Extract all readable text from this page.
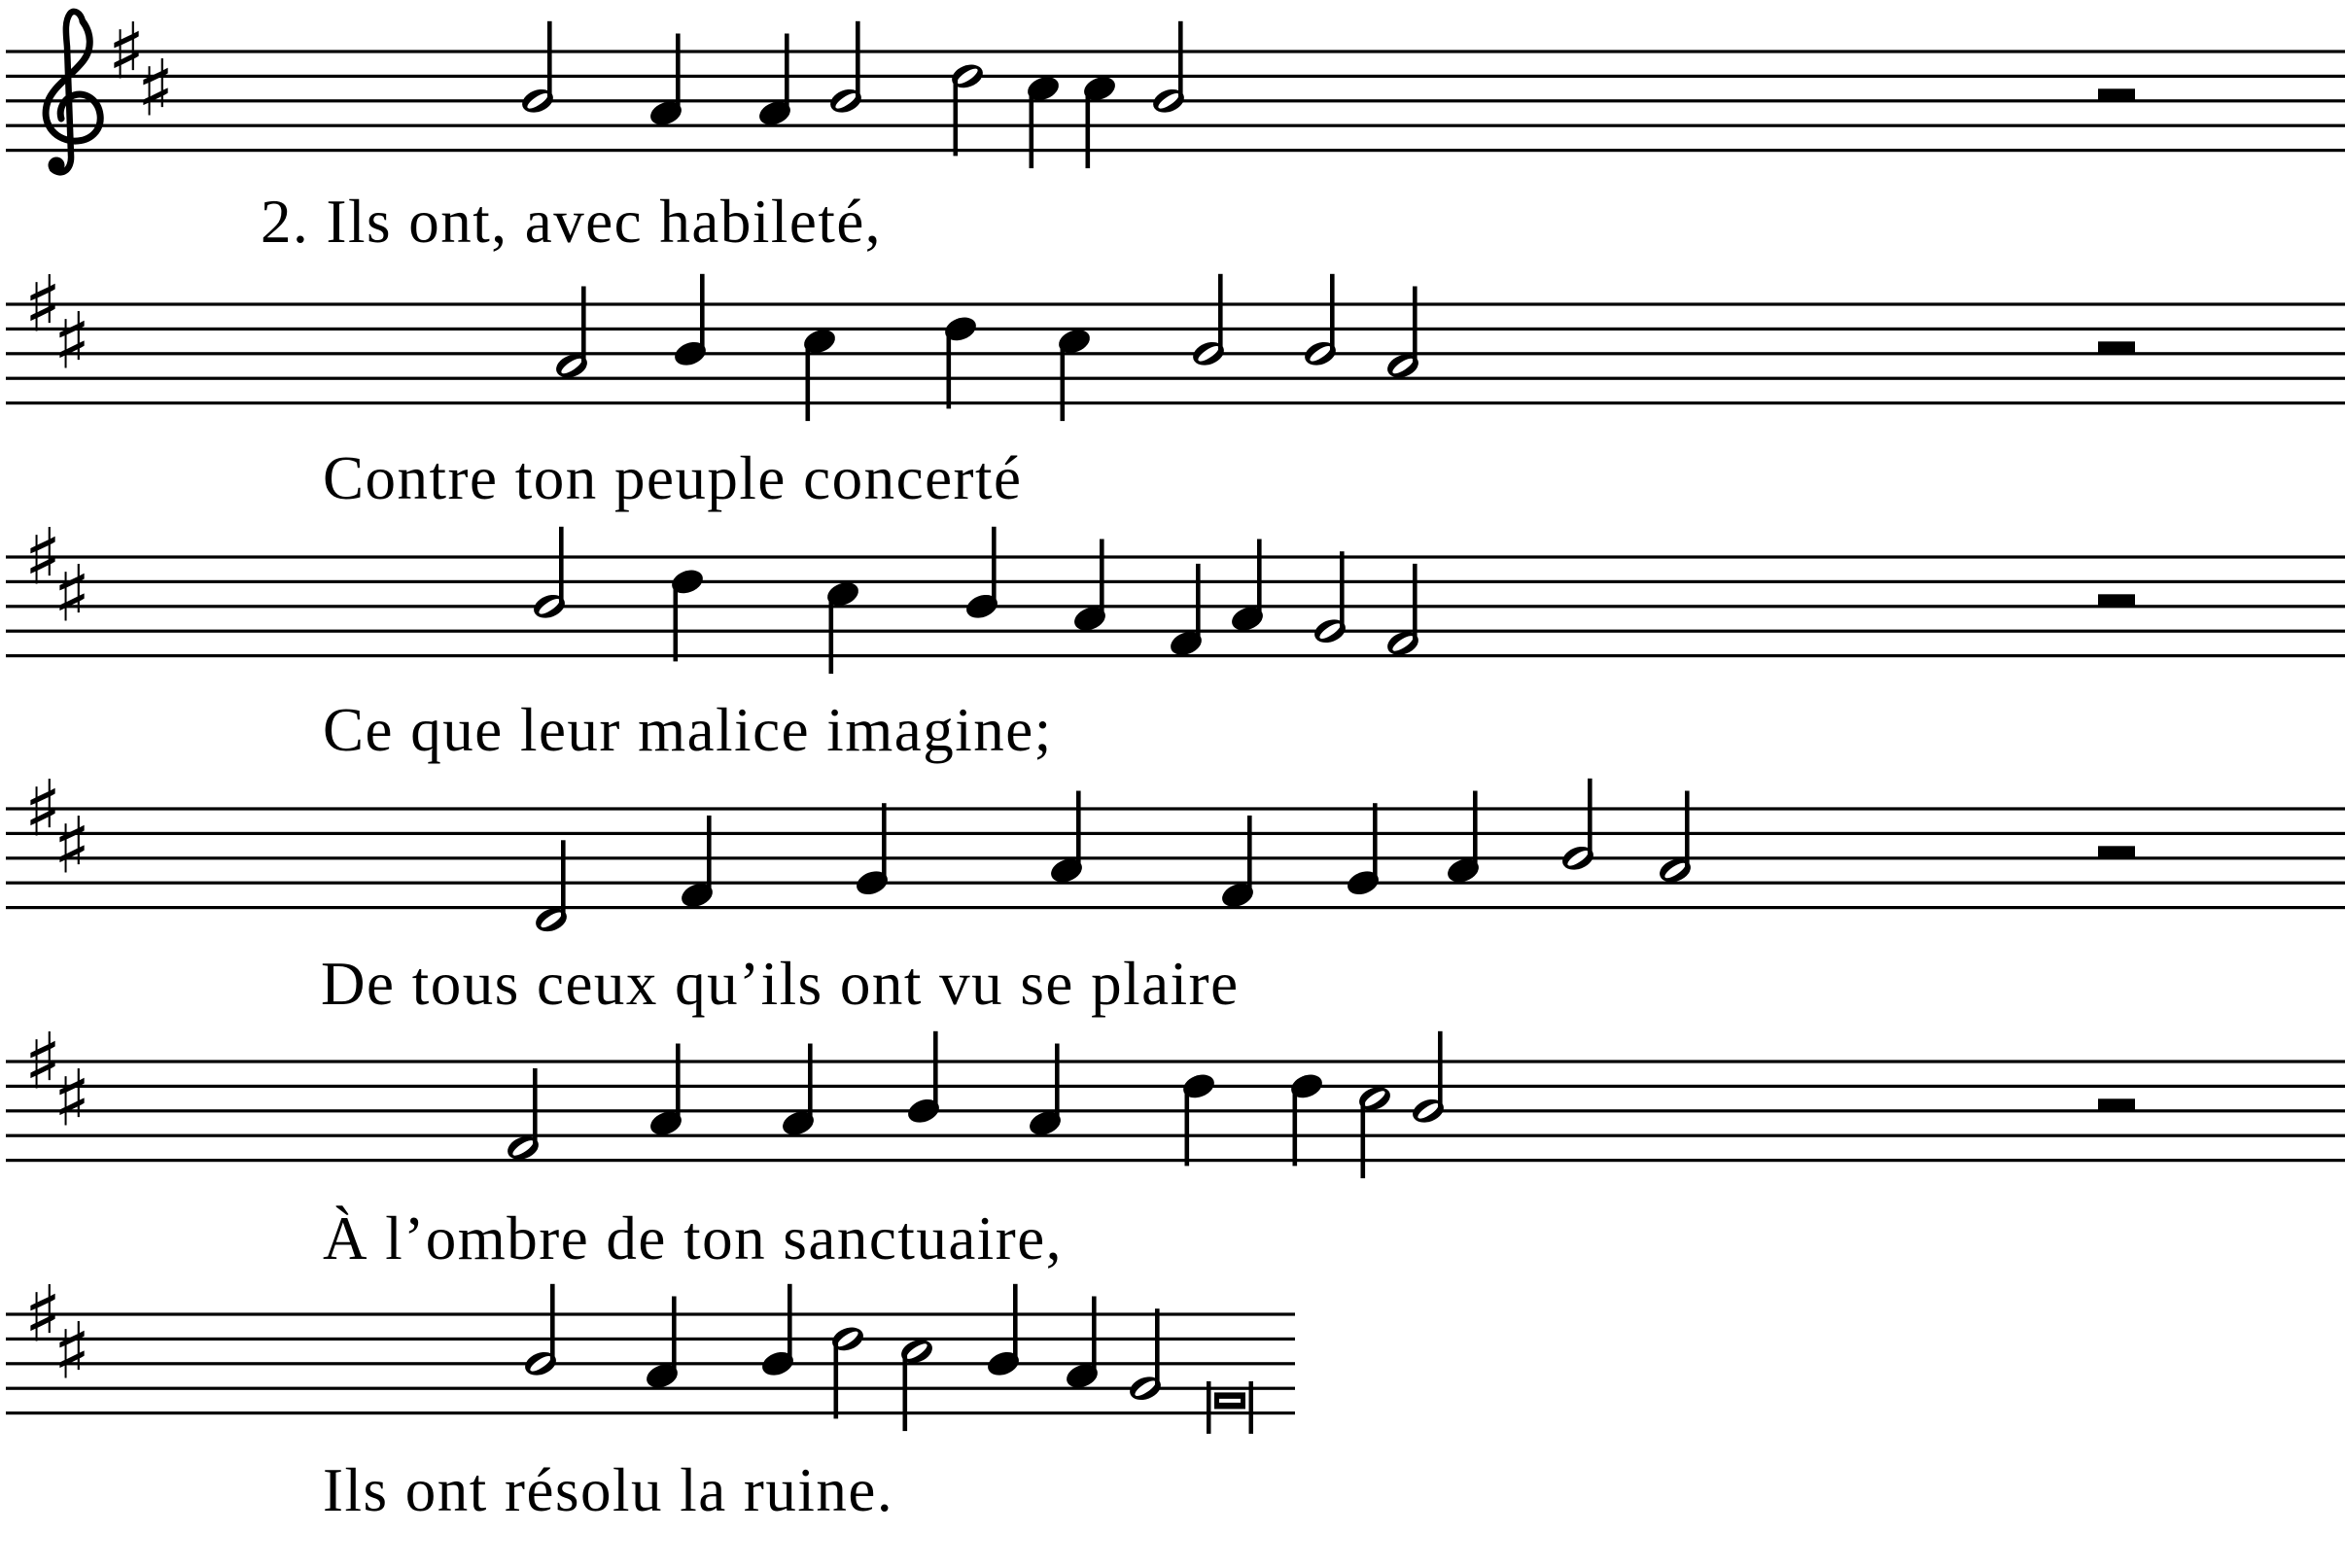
♯
♯
♯
♯
♯
♯
♯
♯
♯
♯
♯
♯
2. Ils ont, avec habileté,
Contre ton peuple concerté
Ce que leur malice imagine;
De tous ceux qu’ils ont vu se plaire
À l’ombre de ton sanctuaire,
Ils ont résolu la ruine.
